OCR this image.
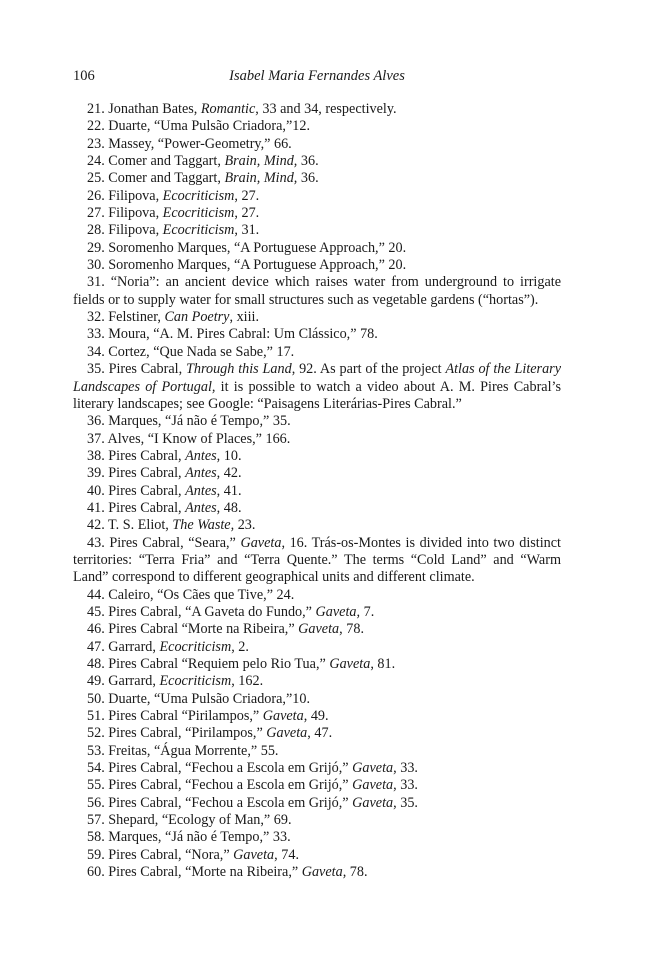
106	Isabel Maria Fernandes Alves
21. Jonathan Bates, Romantic, 33 and 34, respectively.
22. Duarte, “Uma Pulsão Criadora,”12.
23. Massey, “Power-Geometry,” 66.
24. Comer and Taggart, Brain, Mind, 36.
25. Comer and Taggart, Brain, Mind, 36.
26. Filipova, Ecocriticism, 27.
27. Filipova, Ecocriticism, 27.
28. Filipova, Ecocriticism, 31.
29. Soromenho Marques, “A Portuguese Approach,” 20.
30. Soromenho Marques, “A Portuguese Approach,” 20.
31. “Noria”: an ancient device which raises water from underground to irrigate fields or to supply water for small structures such as vegetable gardens (“hortas”).
32. Felstiner, Can Poetry, xiii.
33. Moura, “A. M. Pires Cabral: Um Clássico,” 78.
34. Cortez, “Que Nada se Sabe,” 17.
35. Pires Cabral, Through this Land, 92. As part of the project Atlas of the Literary Landscapes of Portugal, it is possible to watch a video about A. M. Pires Cabral’s literary landscapes; see Google: “Paisagens Literárias-Pires Cabral.”
36. Marques, “Já não é Tempo,” 35.
37. Alves, “I Know of Places,” 166.
38. Pires Cabral, Antes, 10.
39. Pires Cabral, Antes, 42.
40. Pires Cabral, Antes, 41.
41. Pires Cabral, Antes, 48.
42. T. S. Eliot, The Waste, 23.
43. Pires Cabral, “Seara,” Gaveta, 16. Trás-os-Montes is divided into two distinct territories: “Terra Fria” and “Terra Quente.” The terms “Cold Land” and “Warm Land” correspond to different geographical units and different climate.
44. Caleiro, “Os Cães que Tive,” 24.
45. Pires Cabral, “A Gaveta do Fundo,” Gaveta, 7.
46. Pires Cabral “Morte na Ribeira,” Gaveta, 78.
47. Garrard, Ecocriticism, 2.
48. Pires Cabral “Requiem pelo Rio Tua,” Gaveta, 81.
49. Garrard, Ecocriticism, 162.
50. Duarte, “Uma Pulsão Criadora,”10.
51. Pires Cabral “Pirilampos,” Gaveta, 49.
52. Pires Cabral, “Pirilampos,” Gaveta, 47.
53. Freitas, “Água Morrente,” 55.
54. Pires Cabral, “Fechou a Escola em Grijó,” Gaveta, 33.
55. Pires Cabral, “Fechou a Escola em Grijó,” Gaveta, 33.
56. Pires Cabral, “Fechou a Escola em Grijó,” Gaveta, 35.
57. Shepard, “Ecology of Man,” 69.
58. Marques, “Já não é Tempo,” 33.
59. Pires Cabral, “Nora,” Gaveta, 74.
60. Pires Cabral, “Morte na Ribeira,” Gaveta, 78.
